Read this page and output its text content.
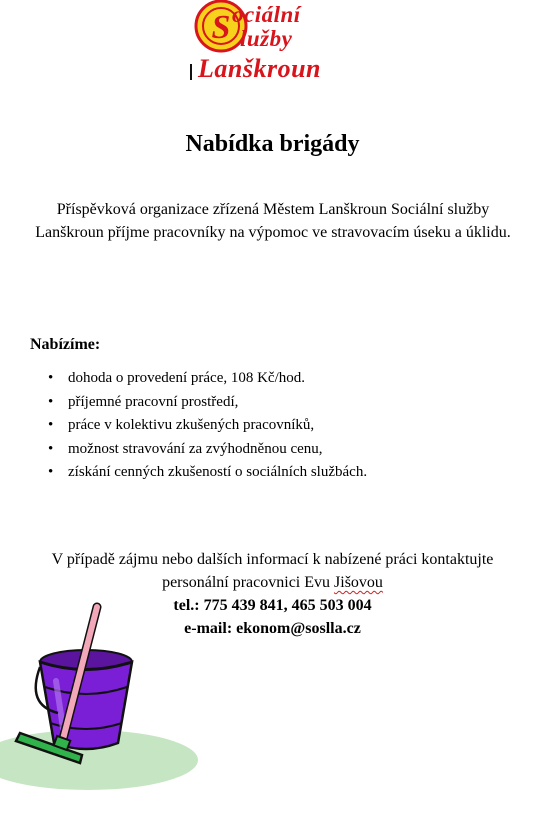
S ociální
lužby
Lanškroun
Nabídka brigády
Příspěvková organizace zřízená Městem Lanškroun Sociální služby Lanškroun příjme pracovníky na výpomoc ve stravovacím úseku a úklidu.
Nabízíme:
• dohoda o provedení práce, 108 Kč/hod.
• příjemné pracovní prostředí,
• práce v kolektivu zkušených pracovníků,
• možnost stravování za zvýhodněnou cenu,
• získání cenných zkušeností o sociálních službách.
V případě zájmu nebo dalších informací k nabízené práci kontaktujte
personální pracovnici Evu Jišovou
tel.: 775 439 841, 465 503 004
e-mail: ekonom@soslla.cz
